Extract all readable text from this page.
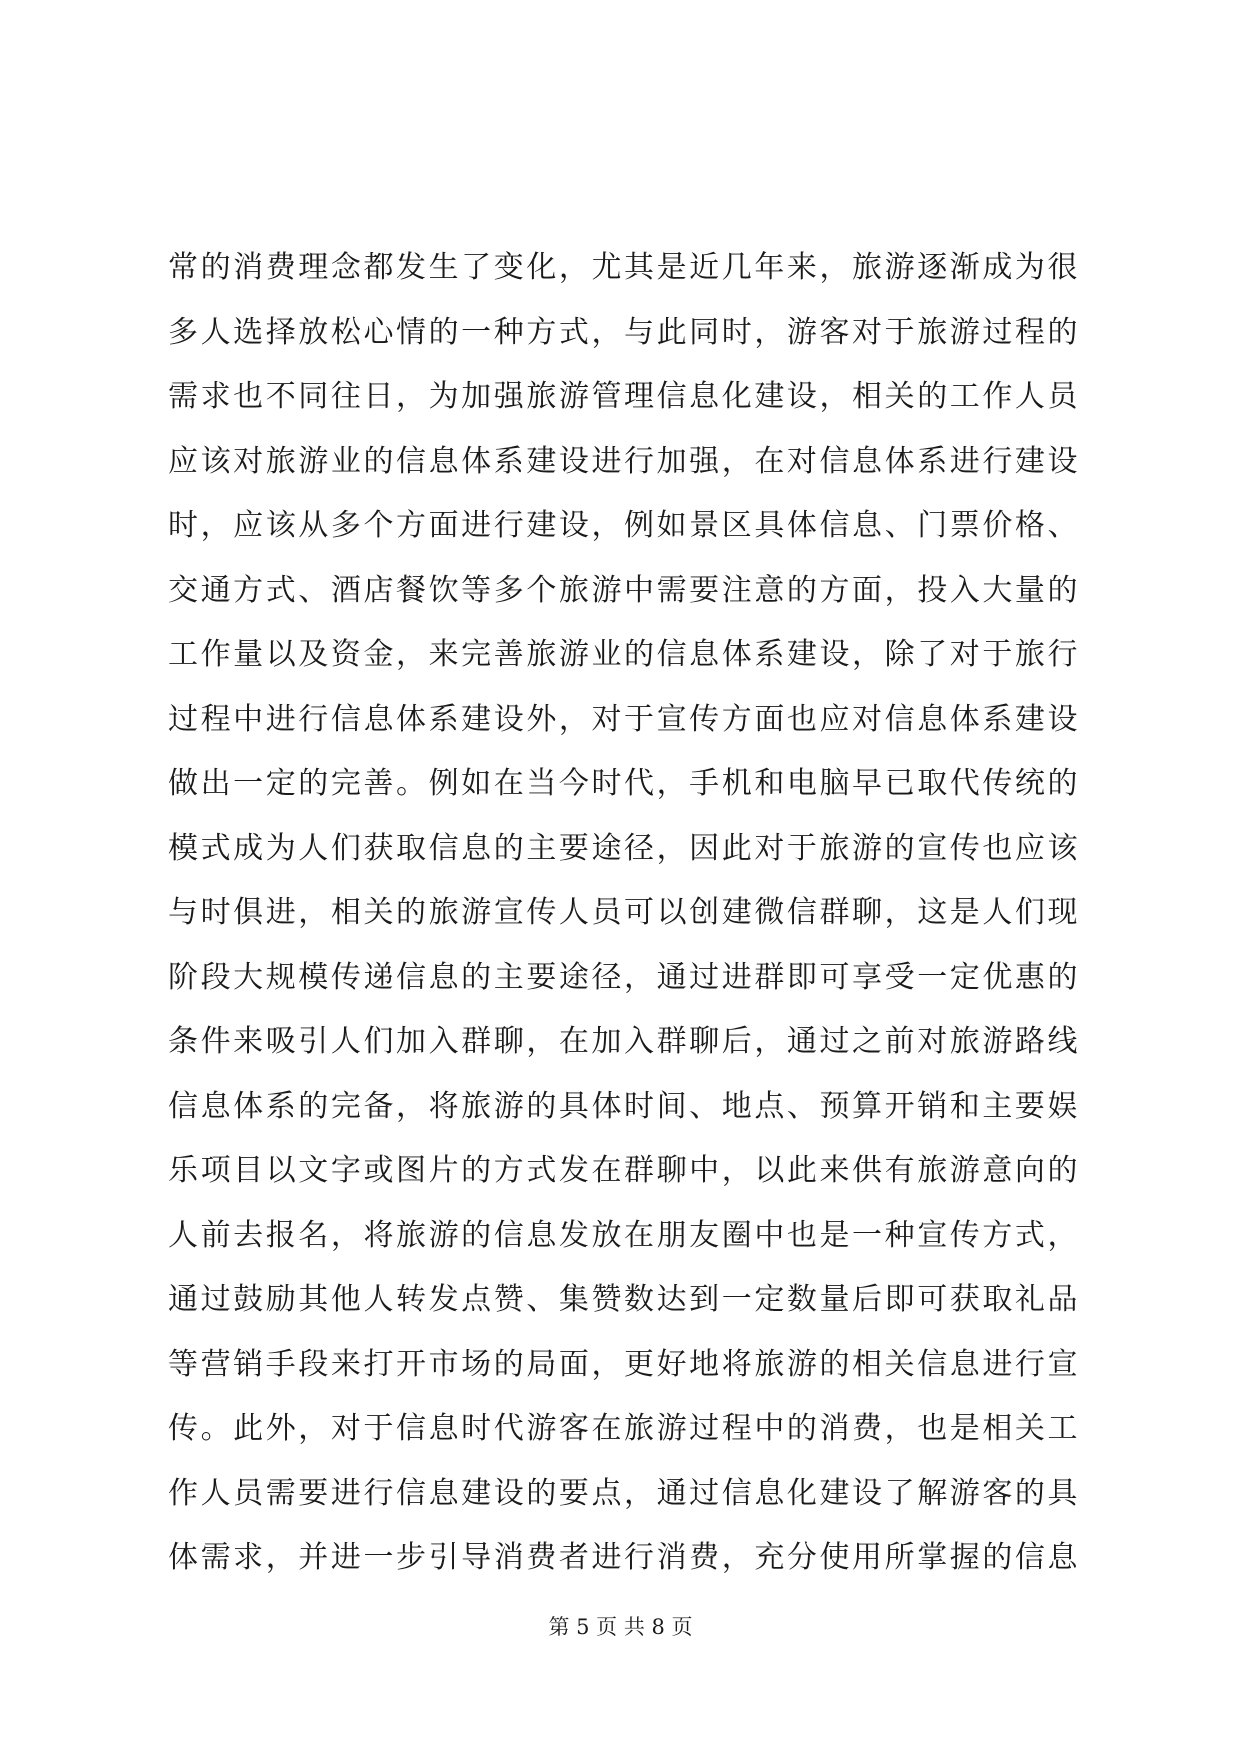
常的消费理念都发生了变化，尤其是近几年来，旅游逐渐成为很
多人选择放松心情的一种方式，与此同时，游客对于旅游过程的
需求也不同往日，为加强旅游管理信息化建设，相关的工作人员
应该对旅游业的信息体系建设进行加强，在对信息体系进行建设
时，应该从多个方面进行建设，例如景区具体信息、门票价格、
交通方式、酒店餐饮等多个旅游中需要注意的方面，投入大量的
工作量以及资金，来完善旅游业的信息体系建设，除了对于旅行
过程中进行信息体系建设外，对于宣传方面也应对信息体系建设
做出一定的完善。例如在当今时代，手机和电脑早已取代传统的
模式成为人们获取信息的主要途径，因此对于旅游的宣传也应该
与时俱进，相关的旅游宣传人员可以创建微信群聊，这是人们现
阶段大规模传递信息的主要途径，通过进群即可享受一定优惠的
条件来吸引人们加入群聊，在加入群聊后，通过之前对旅游路线
信息体系的完备，将旅游的具体时间、地点、预算开销和主要娱
乐项目以文字或图片的方式发在群聊中，以此来供有旅游意向的
人前去报名，将旅游的信息发放在朋友圈中也是一种宣传方式，
通过鼓励其他人转发点赞、集赞数达到一定数量后即可获取礼品
等营销手段来打开市场的局面，更好地将旅游的相关信息进行宣
传。此外，对于信息时代游客在旅游过程中的消费，也是相关工
作人员需要进行信息建设的要点，通过信息化建设了解游客的具
体需求，并进一步引导消费者进行消费，充分使用所掌握的信息
第 5 页 共 8 页
